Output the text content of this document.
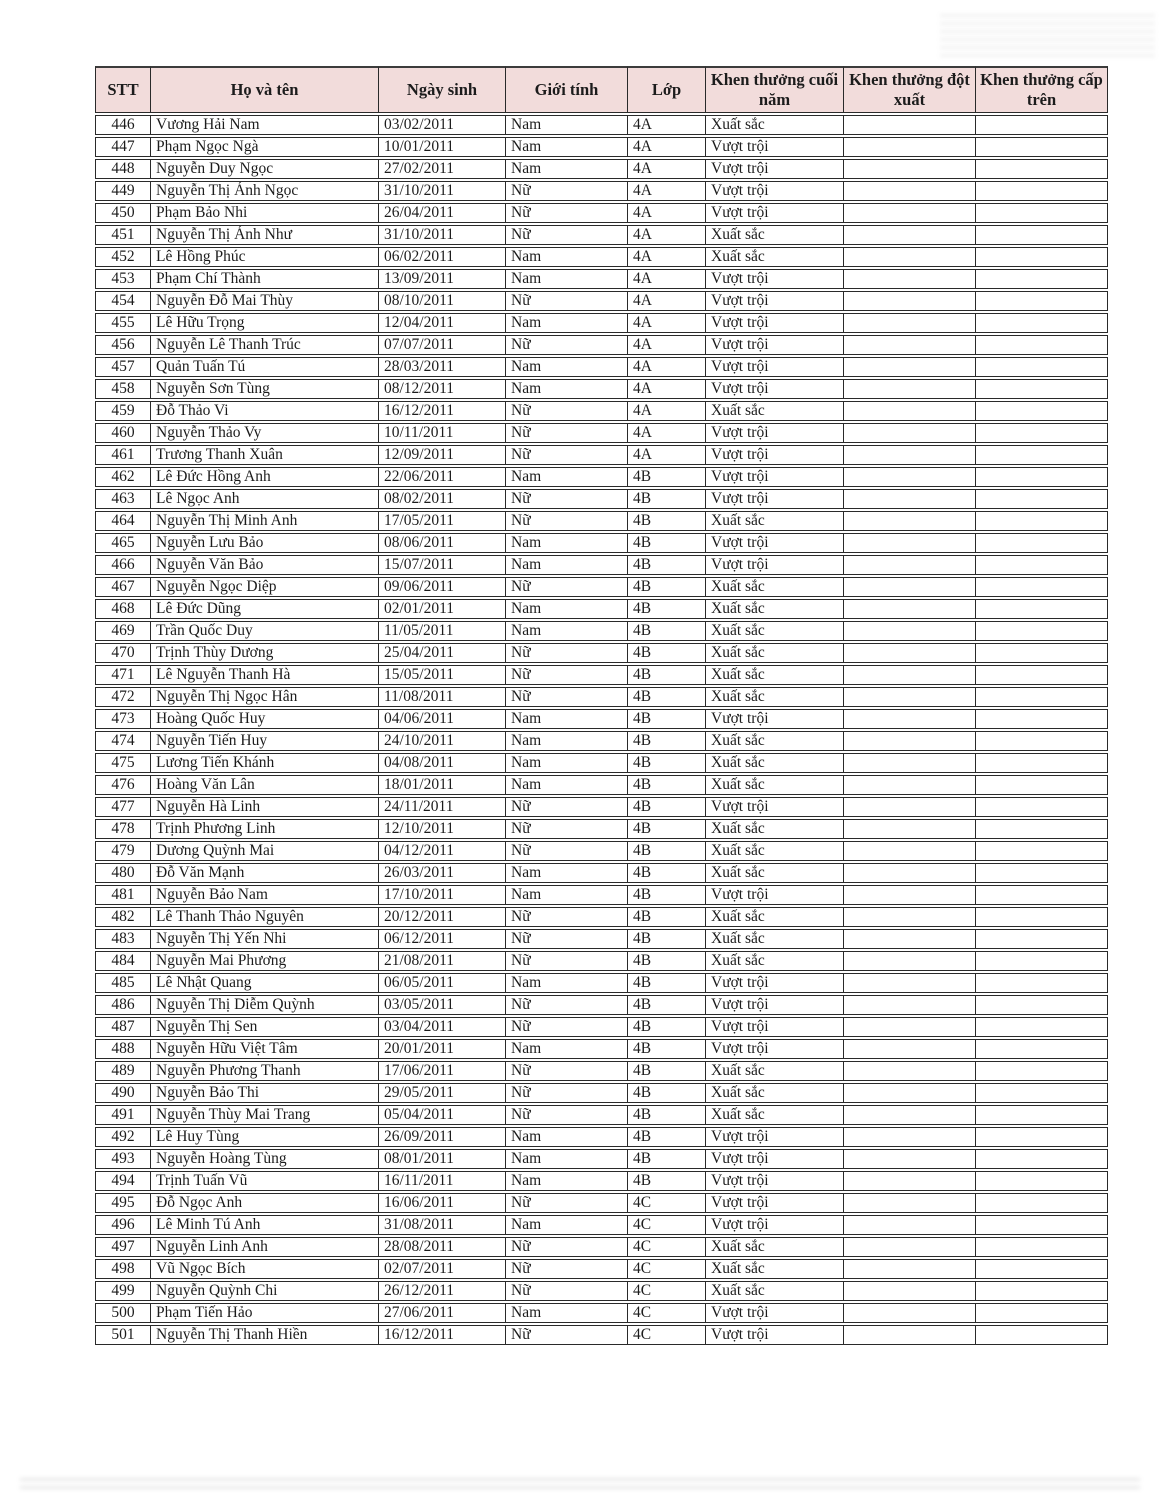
STT	Họ và tên	Ngày sinh	Giới tính	Lớp	Khen thưởng cuối năm	Khen thưởng đột xuất	Khen thưởng cấp trên
446	Vương Hải Nam	03/02/2011	Nam	4A	Xuất sắc		
447	Phạm Ngọc Ngà	10/01/2011	Nam	4A	Vượt trội		
448	Nguyễn Duy Ngọc	27/02/2011	Nam	4A	Vượt trội		
449	Nguyễn Thị Ánh Ngọc	31/10/2011	Nữ	4A	Vượt trội		
450	Phạm Bảo Nhi	26/04/2011	Nữ	4A	Vượt trội		
451	Nguyễn Thị Ánh Như	31/10/2011	Nữ	4A	Xuất sắc		
452	Lê Hồng Phúc	06/02/2011	Nam	4A	Xuất sắc		
453	Phạm Chí Thành	13/09/2011	Nam	4A	Vượt trội		
454	Nguyễn Đỗ Mai Thùy	08/10/2011	Nữ	4A	Vượt trội		
455	Lê Hữu Trọng	12/04/2011	Nam	4A	Vượt trội		
456	Nguyễn Lê Thanh Trúc	07/07/2011	Nữ	4A	Vượt trội		
457	Quản Tuấn Tú	28/03/2011	Nam	4A	Vượt trội		
458	Nguyễn Sơn Tùng	08/12/2011	Nam	4A	Vượt trội		
459	Đỗ Thảo Vi	16/12/2011	Nữ	4A	Xuất sắc		
460	Nguyễn Thảo Vy	10/11/2011	Nữ	4A	Vượt trội		
461	Trương Thanh Xuân	12/09/2011	Nữ	4A	Vượt trội		
462	Lê Đức Hồng Anh	22/06/2011	Nam	4B	Vượt trội		
463	Lê Ngọc Anh	08/02/2011	Nữ	4B	Vượt trội		
464	Nguyễn Thị Minh Anh	17/05/2011	Nữ	4B	Xuất sắc		
465	Nguyễn Lưu Bảo	08/06/2011	Nam	4B	Vượt trội		
466	Nguyễn Văn Bảo	15/07/2011	Nam	4B	Vượt trội		
467	Nguyễn Ngọc Diệp	09/06/2011	Nữ	4B	Xuất sắc		
468	Lê Đức Dũng	02/01/2011	Nam	4B	Xuất sắc		
469	Trần Quốc Duy	11/05/2011	Nam	4B	Xuất sắc		
470	Trịnh Thùy Dương	25/04/2011	Nữ	4B	Xuất sắc		
471	Lê Nguyễn Thanh Hà	15/05/2011	Nữ	4B	Xuất sắc		
472	Nguyễn Thị Ngọc Hân	11/08/2011	Nữ	4B	Xuất sắc		
473	Hoàng Quốc Huy	04/06/2011	Nam	4B	Vượt trội		
474	Nguyễn Tiến Huy	24/10/2011	Nam	4B	Xuất sắc		
475	Lương Tiến Khánh	04/08/2011	Nam	4B	Xuất sắc		
476	Hoàng Văn Lân	18/01/2011	Nam	4B	Xuất sắc		
477	Nguyễn Hà Linh	24/11/2011	Nữ	4B	Vượt trội		
478	Trịnh Phương Linh	12/10/2011	Nữ	4B	Xuất sắc		
479	Dương Quỳnh Mai	04/12/2011	Nữ	4B	Xuất sắc		
480	Đỗ Văn Mạnh	26/03/2011	Nam	4B	Xuất sắc		
481	Nguyễn Bảo Nam	17/10/2011	Nam	4B	Vượt trội		
482	Lê Thanh Thảo Nguyên	20/12/2011	Nữ	4B	Xuất sắc		
483	Nguyễn Thị Yến Nhi	06/12/2011	Nữ	4B	Xuất sắc		
484	Nguyễn Mai Phương	21/08/2011	Nữ	4B	Xuất sắc		
485	Lê Nhật Quang	06/05/2011	Nam	4B	Vượt trội		
486	Nguyễn Thị Diễm Quỳnh	03/05/2011	Nữ	4B	Vượt trội		
487	Nguyễn Thị Sen	03/04/2011	Nữ	4B	Vượt trội		
488	Nguyễn Hữu Việt Tâm	20/01/2011	Nam	4B	Vượt trội		
489	Nguyễn Phương Thanh	17/06/2011	Nữ	4B	Xuất sắc		
490	Nguyễn Bảo Thi	29/05/2011	Nữ	4B	Xuất sắc		
491	Nguyễn Thùy Mai Trang	05/04/2011	Nữ	4B	Xuất sắc		
492	Lê Huy Tùng	26/09/2011	Nam	4B	Vượt trội		
493	Nguyễn Hoàng Tùng	08/01/2011	Nam	4B	Vượt trội		
494	Trịnh Tuấn Vũ	16/11/2011	Nam	4B	Vượt trội		
495	Đỗ Ngọc Anh	16/06/2011	Nữ	4C	Vượt trội		
496	Lê Minh Tú Anh	31/08/2011	Nam	4C	Vượt trội		
497	Nguyễn Linh Anh	28/08/2011	Nữ	4C	Xuất sắc		
498	Vũ Ngọc Bích	02/07/2011	Nữ	4C	Xuất sắc		
499	Nguyễn Quỳnh Chi	26/12/2011	Nữ	4C	Xuất sắc		
500	Phạm Tiến Hảo	27/06/2011	Nam	4C	Vượt trội		
501	Nguyễn Thị Thanh Hiền	16/12/2011	Nữ	4C	Vượt trội		
